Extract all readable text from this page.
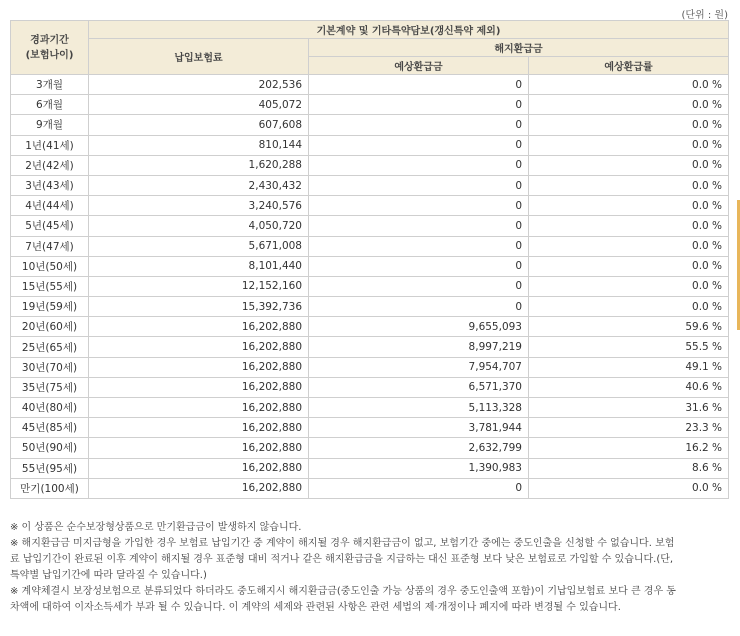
(단위 : 원)
경과기간
(보험나이)	기본계약 및 기타특약담보(갱신특약 제외)		
	납입보험료	해지환급금	
		예상환급금	예상환급률
3개월	202,536	0	0.0 %
6개월	405,072	0	0.0 %
9개월	607,608	0	0.0 %
1년(41세)	810,144	0	0.0 %
2년(42세)	1,620,288	0	0.0 %
3년(43세)	2,430,432	0	0.0 %
4년(44세)	3,240,576	0	0.0 %
5년(45세)	4,050,720	0	0.0 %
7년(47세)	5,671,008	0	0.0 %
10년(50세)	8,101,440	0	0.0 %
15년(55세)	12,152,160	0	0.0 %
19년(59세)	15,392,736	0	0.0 %
20년(60세)	16,202,880	9,655,093	59.6 %
25년(65세)	16,202,880	8,997,219	55.5 %
30년(70세)	16,202,880	7,954,707	49.1 %
35년(75세)	16,202,880	6,571,370	40.6 %
40년(80세)	16,202,880	5,113,328	31.6 %
45년(85세)	16,202,880	3,781,944	23.3 %
50년(90세)	16,202,880	2,632,799	16.2 %
55년(95세)	16,202,880	1,390,983	8.6 %
만기(100세)	16,202,880	0	0.0 %

※ 이 상품은 순수보장형상품으로 만기환급금이 발생하지 않습니다.

※ 해지환급금 미지급형을 가입한 경우 보험료 납입기간 중 계약이 해지될 경우 해지환급금이 없고, 보험기간 중에는 중도인출을 신청할 수 없습니다. 보험

료 납입기간이 완료된 이후 계약이 해지될 경우 표준형 대비 적거나 같은 해지환급금을 지급하는 대신 표준형 보다 낮은 보험료로 가입할 수 있습니다.(단,

특약별 납입기간에 따라 달라질 수 있습니다.)

※ 계약체결시 보장성보험으로 분류되었다 하더라도 중도해지시 해지환급금(중도인출 가능 상품의 경우 중도인출액 포함)이 기납입보험료 보다 큰 경우 동

차액에 대하여 이자소득세가 부과 될 수 있습니다. 이 계약의 세제와 관련된 사항은 관련 세법의 제·개정이나 폐지에 따라 변경될 수 있습니다.
